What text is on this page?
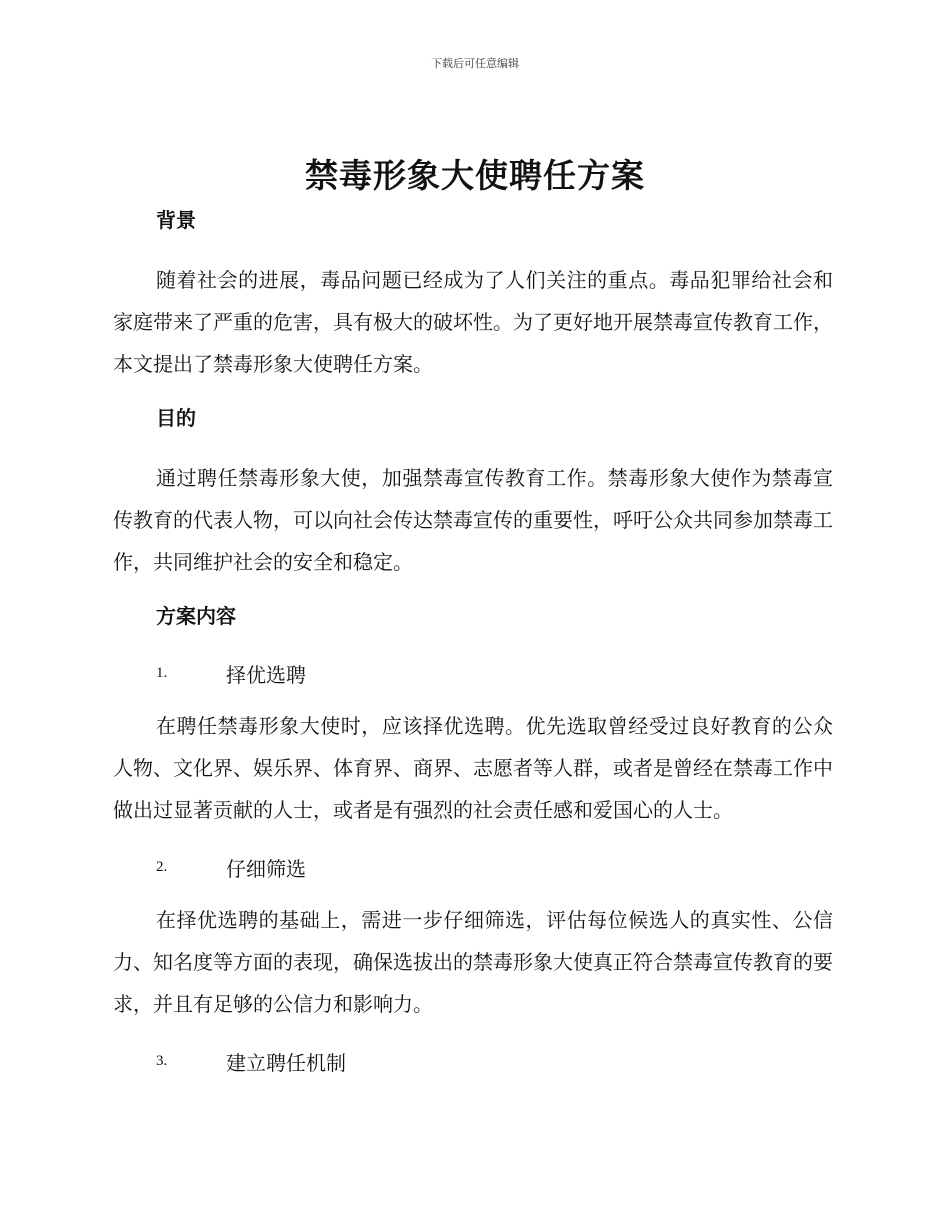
下载后可任意编辑
禁毒形象大使聘任方案
背景

随着社会的进展，毒品问题已经成为了人们关注的重点。毒品犯罪给社会和家庭带来了严重的危害，具有极大的破坏性。为了更好地开展禁毒宣传教育工作，本文提出了禁毒形象大使聘任方案。

目的

通过聘任禁毒形象大使，加强禁毒宣传教育工作。禁毒形象大使作为禁毒宣传教育的代表人物，可以向社会传达禁毒宣传的重要性，呼吁公众共同参加禁毒工作，共同维护社会的安全和稳定。

方案内容
1.	择优选聘

在聘任禁毒形象大使时，应该择优选聘。优先选取曾经受过良好教育的公众人物、文化界、娱乐界、体育界、商界、志愿者等人群，或者是曾经在禁毒工作中做出过显著贡献的人士，或者是有强烈的社会责任感和爱国心的人士。

2.	仔细筛选

在择优选聘的基础上，需进一步仔细筛选，评估每位候选人的真实性、公信力、知名度等方面的表现，确保选拔出的禁毒形象大使真正符合禁毒宣传教育的要求，并且有足够的公信力和影响力。

3.	建立聘任机制
